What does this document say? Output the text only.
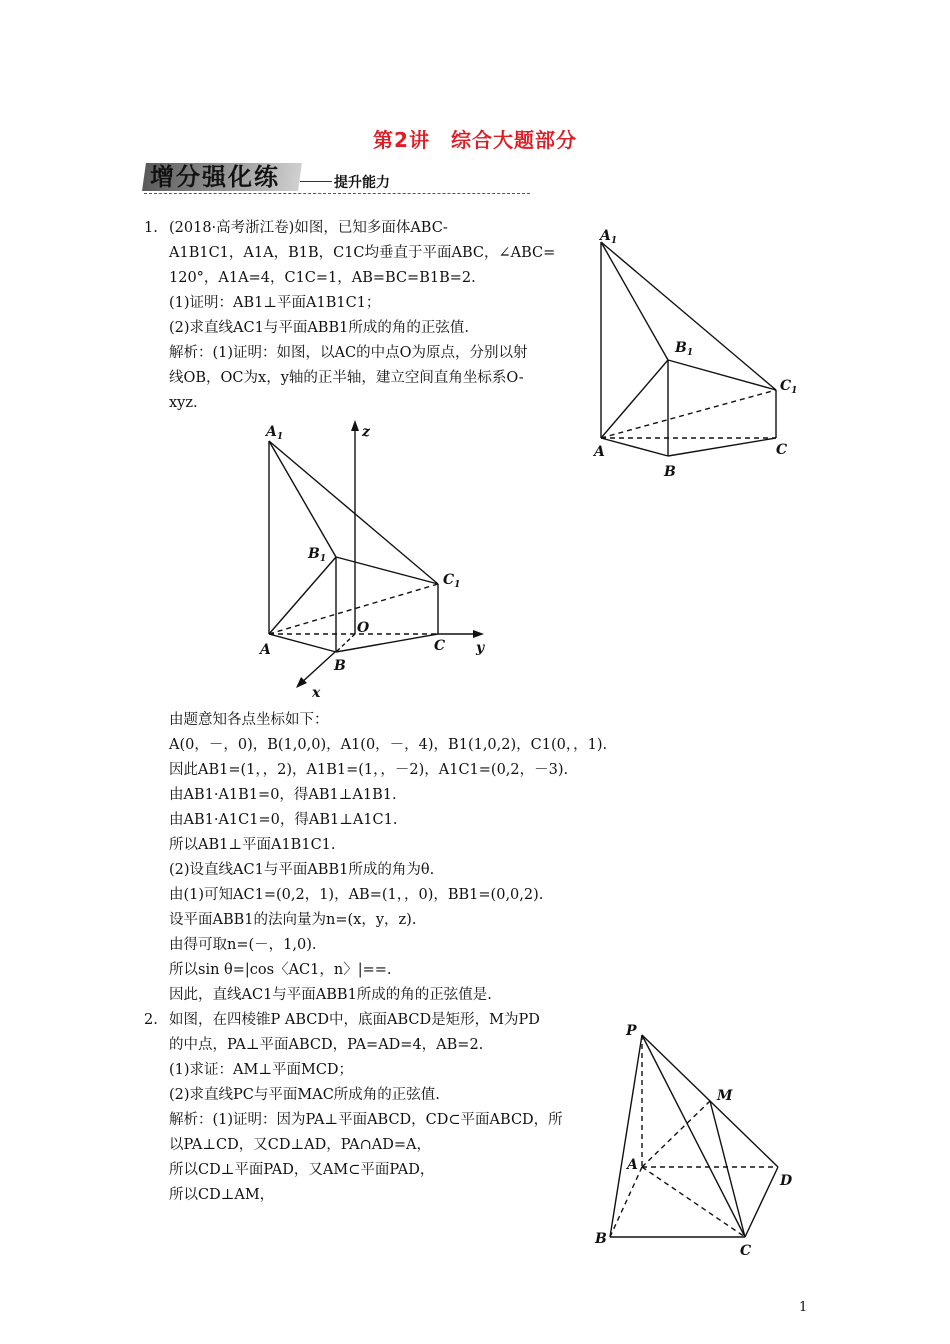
第2讲　综合大题部分
增分强化练	提升能力
1. (2018·高考浙江卷)如图，已知多面体ABC-
A1B1C1，A1A，B1B，C1C均垂直于平面ABC，∠ABC=
120°，A1A=4，C1C=1，AB=BC=B1B=2.
(1)证明：AB1⊥平面A1B1C1；
(2)求直线AC1与平面ABB1所成的角的正弦值.
解析：(1)证明：如图，以AC的中点O为原点，分别以射
线OB，OC为x，y轴的正半轴，建立空间直角坐标系O-
xyz.
$A_1$
$B_1$
$C_1$
A
B
C
$A_1$
$B_1$
$C_1$
A
B
C
O
z
y
x
由题意知各点坐标如下：
A(0，－，0)，B(1,0,0)，A1(0，－，4)，B1(1,0,2)，C1(0，，1).
因此AB1=(1，，2)，A1B1=(1，，－2)，A1C1=(0,2，－3).
由AB1·A1B1=0，得AB1⊥A1B1.
由AB1·A1C1=0，得AB1⊥A1C1.
所以AB1⊥平面A1B1C1.
(2)设直线AC1与平面ABB1所成的角为θ.
由(1)可知AC1=(0,2，1)，AB=(1，，0)，BB1=(0,0,2).
设平面ABB1的法向量为n=(x，y，z).
由得可取n=(－，1,0).
所以sin θ=|cos〈AC1，n〉|==.
因此，直线AC1与平面ABB1所成的角的正弦值是.
2. 如图，在四棱锥P ABCD中，底面ABCD是矩形，M为PD
的中点，PA⊥平面ABCD，PA=AD=4，AB=2.
(1)求证：AM⊥平面MCD；
(2)求直线PC与平面MAC所成角的正弦值.
解析：(1)证明：因为PA⊥平面ABCD，CD⊂平面ABCD，所
以PA⊥CD，又CD⊥AD，PA∩AD=A，
所以CD⊥平面PAD，又AM⊂平面PAD，
所以CD⊥AM，
P
M
A
D
B
C
1
